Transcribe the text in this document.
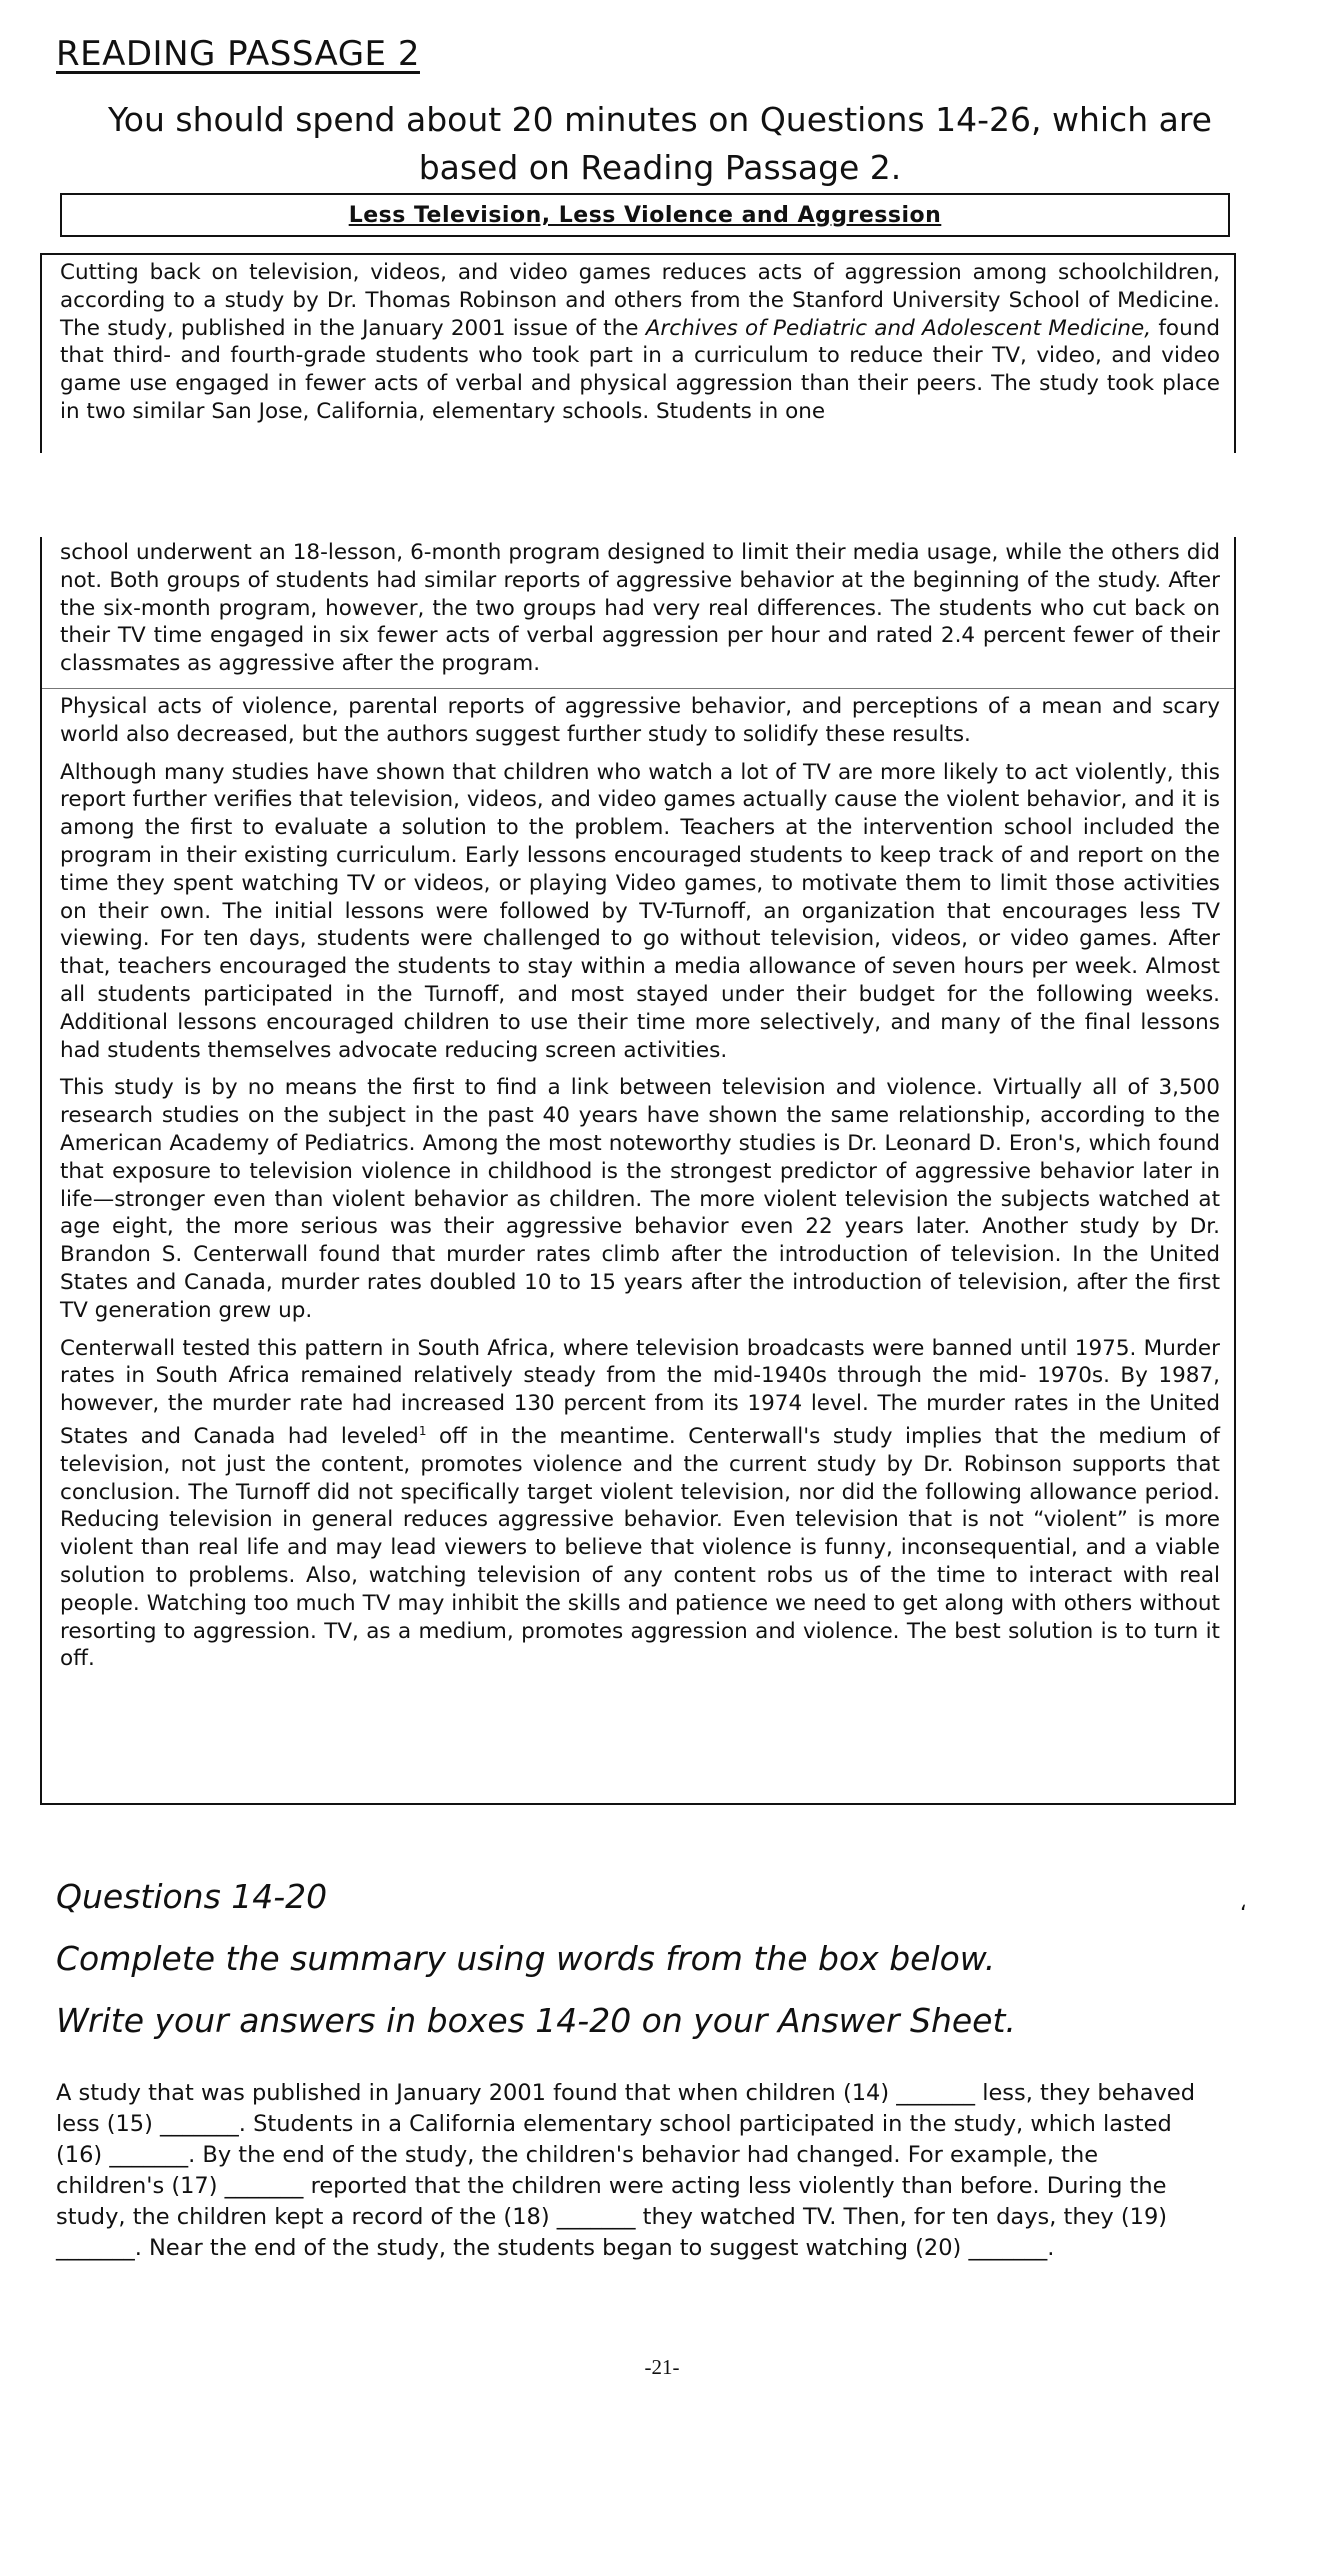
READING PASSAGE 2
You should spend about 20 minutes on Questions 14-26, which are based on Reading Passage 2.
Less Television, Less Violence and Aggression

Cutting back on television, videos, and video games reduces acts of aggression among schoolchildren, according to a study by Dr. Thomas Robinson and others from the Stanford University School of Medicine. The study, published in the January 2001 issue of the Archives of Pediatric and Adolescent Medicine, found that third- and fourth-grade students who took part in a curriculum to reduce their TV, video, and video game use engaged in fewer acts of verbal and physical aggression than their peers. The study took place in two similar San Jose, California, elementary schools. Students in one

school underwent an 18-lesson, 6-month program designed to limit their media usage, while the others did not. Both groups of students had similar reports of aggressive behavior at the beginning of the study. After the six-month program, however, the two groups had very real differences. The students who cut back on their TV time engaged in six fewer acts of verbal aggression per hour and rated 2.4 percent fewer of their classmates as aggressive after the program.

Physical acts of violence, parental reports of aggressive behavior, and perceptions of a mean and scary world also decreased, but the authors suggest further study to solidify these results.

Although many studies have shown that children who watch a lot of TV are more likely to act violently, this report further verifies that television, videos, and video games actually cause the violent behavior, and it is among the first to evaluate a solution to the problem. Teachers at the intervention school included the program in their existing curriculum. Early lessons encouraged students to keep track of and report on the time they spent watching TV or videos, or playing Video games, to motivate them to limit those activities on their own. The initial lessons were followed by TV-Turnoff, an organization that encourages less TV viewing. For ten days, students were challenged to go without television, videos, or video games. After that, teachers encouraged the students to stay within a media allowance of seven hours per week. Almost all students participated in the Turnoff, and most stayed under their budget for the following weeks. Additional lessons encouraged children to use their time more selectively, and many of the final lessons had students themselves advocate reducing screen activities.

This study is by no means the first to find a link between television and violence. Virtually all of 3,500 research studies on the subject in the past 40 years have shown the same relationship, according to the American Academy of Pediatrics. Among the most noteworthy studies is Dr. Leonard D. Eron's, which found that exposure to television violence in childhood is the strongest predictor of aggressive behavior later in life—stronger even than violent behavior as children. The more violent television the subjects watched at age eight, the more serious was their aggressive behavior even 22 years later. Another study by Dr. Brandon S. Centerwall found that murder rates climb after the introduction of television. In the United States and Canada, murder rates doubled 10 to 15 years after the introduction of television, after the first TV generation grew up.

Centerwall tested this pattern in South Africa, where television broadcasts were banned until 1975. Murder rates in South Africa remained relatively steady from the mid-1940s through the mid- 1970s. By 1987, however, the murder rate had increased 130 percent from its 1974 level. The murder rates in the United States and Canada had leveled$^1$ off in the meantime. Centerwall's study implies that the medium of television, not just the content, promotes violence and the current study by Dr. Robinson supports that conclusion. The Turnoff did not specifically target violent television, nor did the following allowance period. Reducing television in general reduces aggressive behavior. Even television that is not “violent” is more violent than real life and may lead viewers to believe that violence is funny, inconsequential, and a viable solution to problems. Also, watching television of any content robs us of the time to interact with real people. Watching too much TV may inhibit the skills and patience we need to get along with others without resorting to aggression. TV, as a medium, promotes aggression and violence. The best solution is to turn it off.

Questions 14-20
Complete the summary using words from the box below.
Write your answers in boxes 14-20 on your Answer Sheet.
ʻ
A study that was published in January 2001 found that when children (14) _______ less, they behaved less (15) _______. Students in a California elementary school participated in the study, which lasted (16) _______. By the end of the study, the children's behavior had changed. For example, the children's (17) _______ reported that the children were acting less violently than before. During the study, the children kept a record of the (18) _______ they watched TV. Then, for ten days, they (19) _______. Near the end of the study, the students began to suggest watching (20) _______.
-21-
